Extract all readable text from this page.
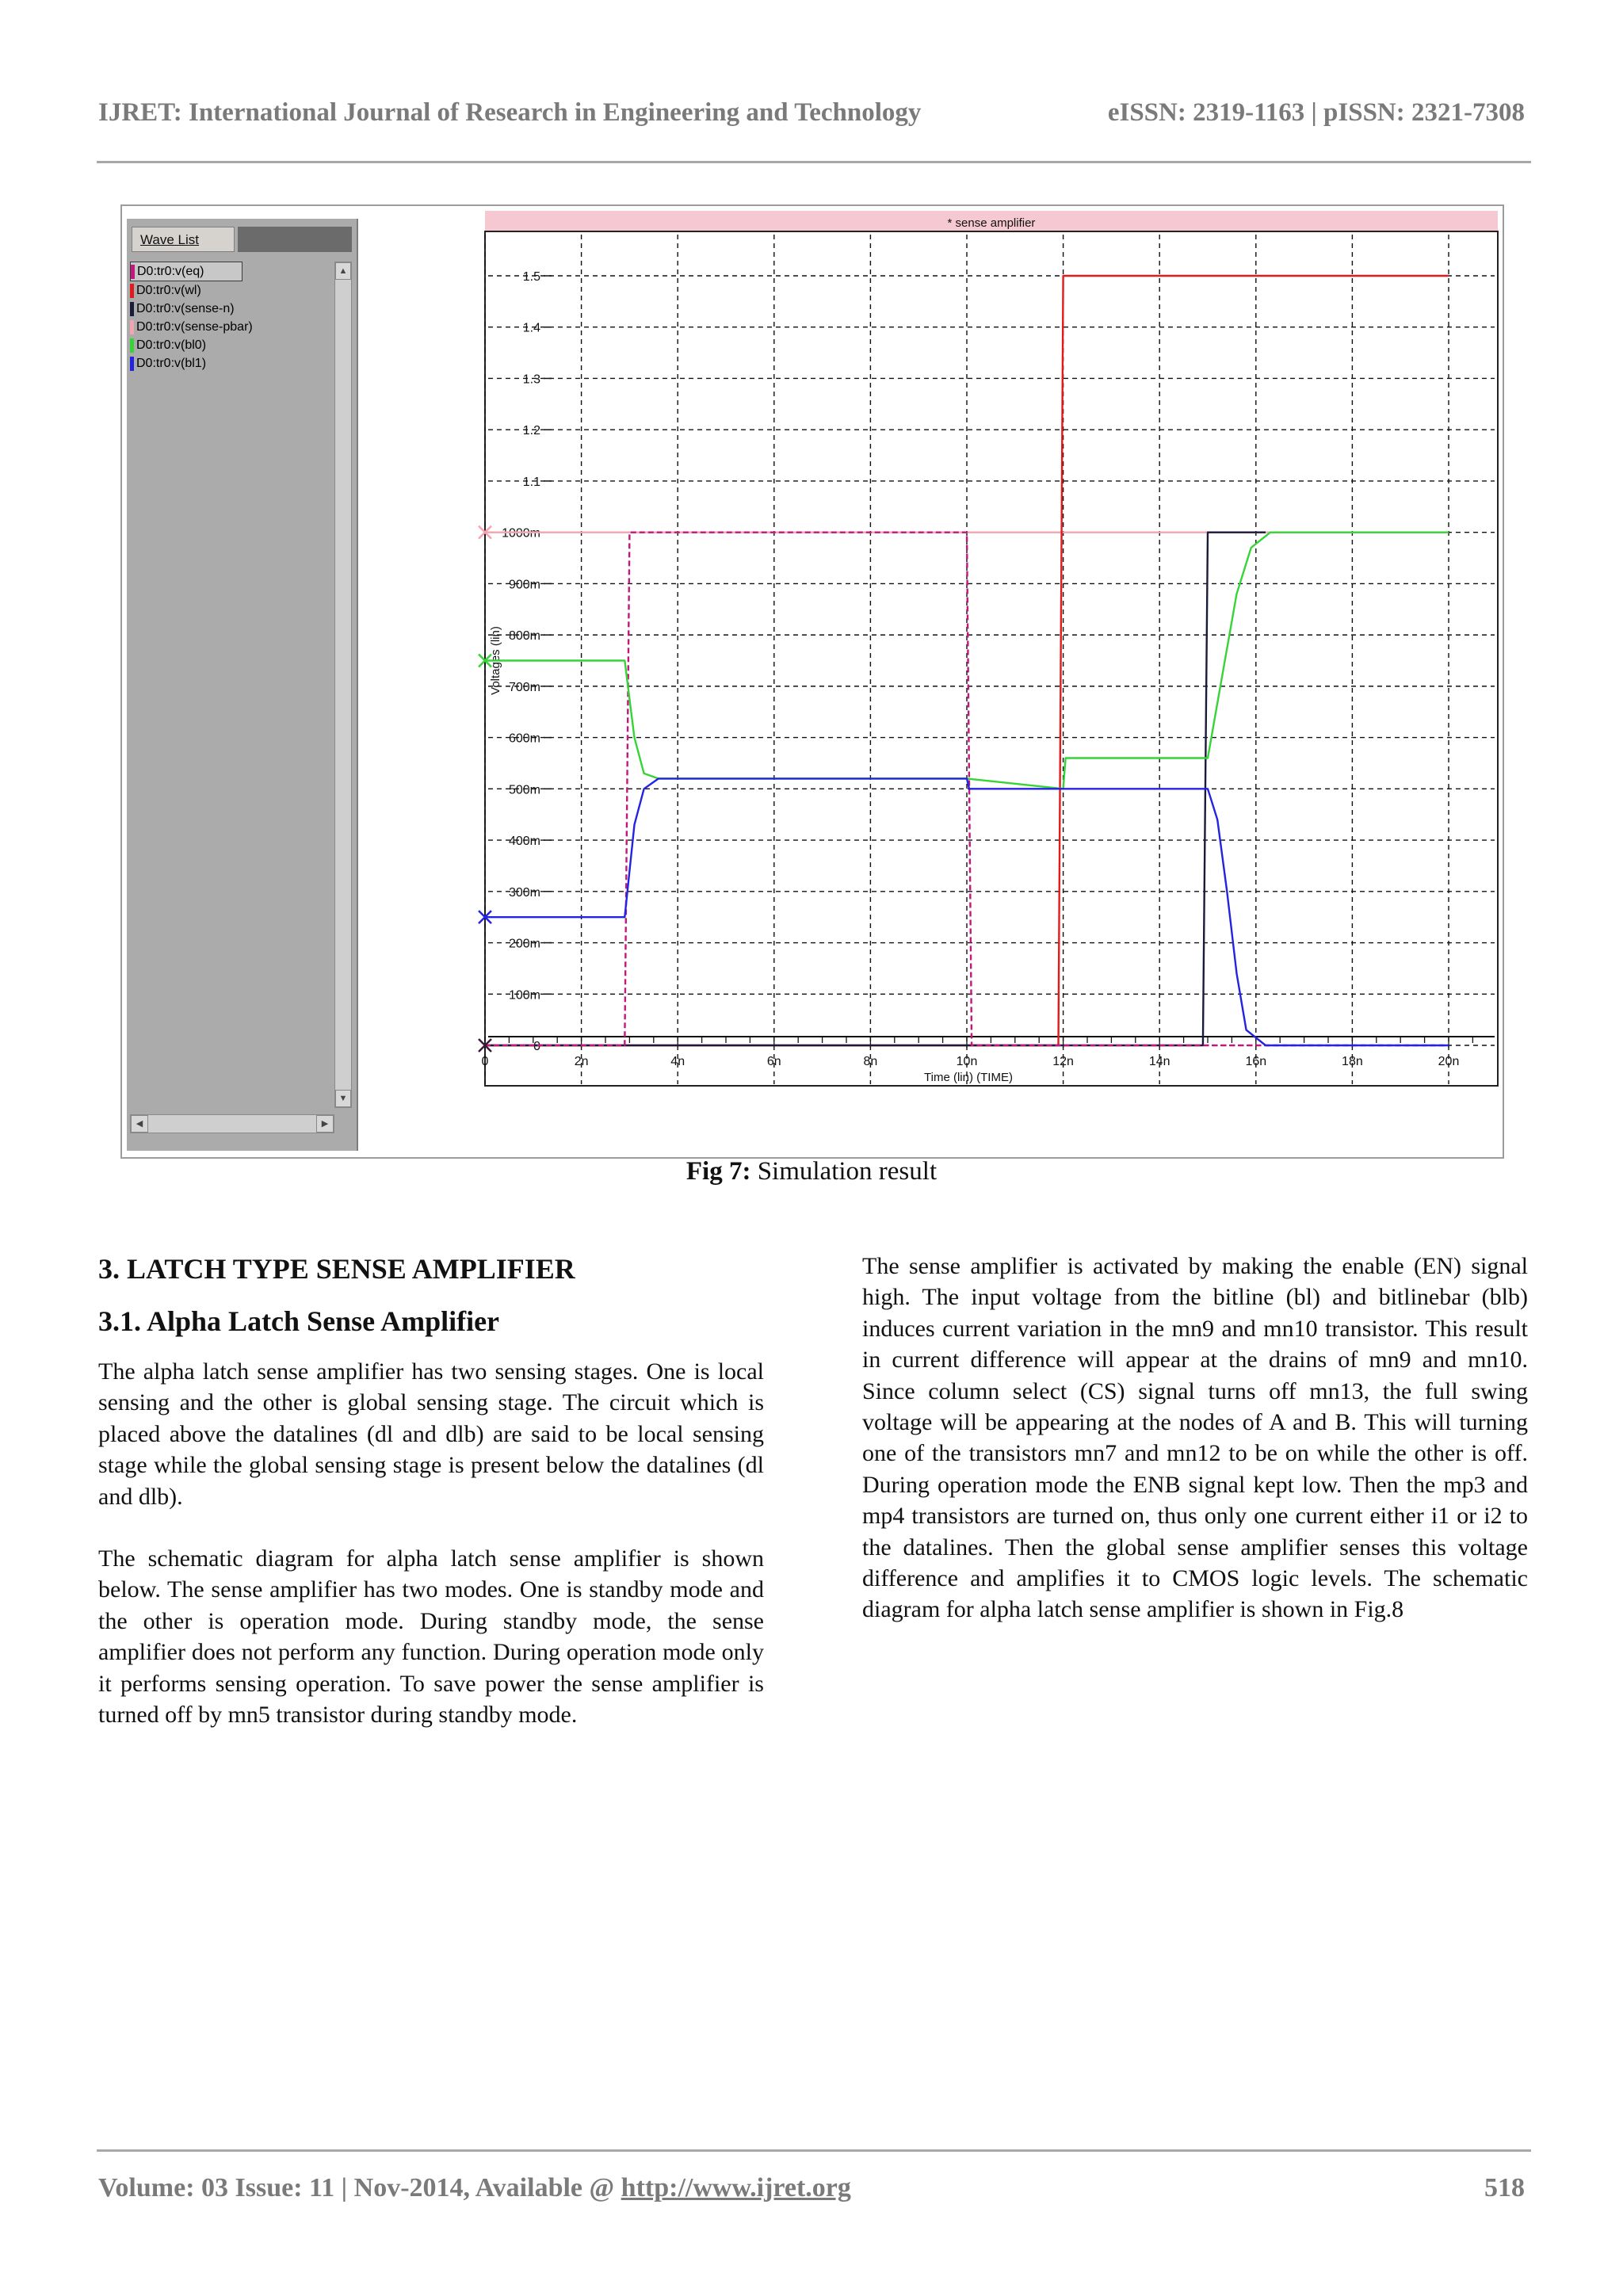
IJRET: International Journal of Research in Engineering and Technology	eISSN: 2319-1163 | pISSN: 2321-7308
Wave List
D0:tr0:v(eq)
D0:tr0:v(wl)
D0:tr0:v(sense-n)
D0:tr0:v(sense-pbar)
D0:tr0:v(bl0)
D0:tr0:v(bl1)
▲
▼
◀	▶
* sense amplifier
0
100m
200m
300m
400m
500m
600m
700m
800m
900m
1000m
1.1
1.2
1.3
1.4
1.5
0	2n	4n	6n	8n	10n	12n	14n	16n	18n	20n
Time (lin) (TIME)
Voltages (lin)
Fig 7: Simulation result
3. LATCH TYPE SENSE AMPLIFIER
3.1. Alpha Latch Sense Amplifier

The alpha latch sense amplifier has two sensing stages. One is local sensing and the other is global sensing stage. The circuit which is placed above the datalines (dl and dlb) are said to be local sensing stage while the global sensing stage is present below the datalines (dl and dlb).

The schematic diagram for alpha latch sense amplifier is shown below. The sense amplifier has two modes. One is standby mode and the other is operation mode. During standby mode, the sense amplifier does not perform any function. During operation mode only it performs sensing operation. To save power the sense amplifier is turned off by mn5 transistor during standby mode.

The sense amplifier is activated by making the enable (EN) signal high. The input voltage from the bitline (bl) and bitlinebar (blb) induces current variation in the mn9 and mn10 transistor. This result in current difference will appear at the drains of mn9 and mn10. Since column select (CS) signal turns off mn13, the full swing voltage will be appearing at the nodes of A and B. This will turning one of the transistors mn7 and mn12 to be on while the other is off. During operation mode the ENB signal kept low. Then the mp3 and mp4 transistors are turned on, thus only one current either i1 or i2 to the datalines. Then the global sense amplifier senses this voltage difference and amplifies it to CMOS logic levels. The schematic diagram for alpha latch sense amplifier is shown in Fig.8

Volume: 03 Issue: 11 | Nov-2014, Available @ http://www.ijret.org	518
